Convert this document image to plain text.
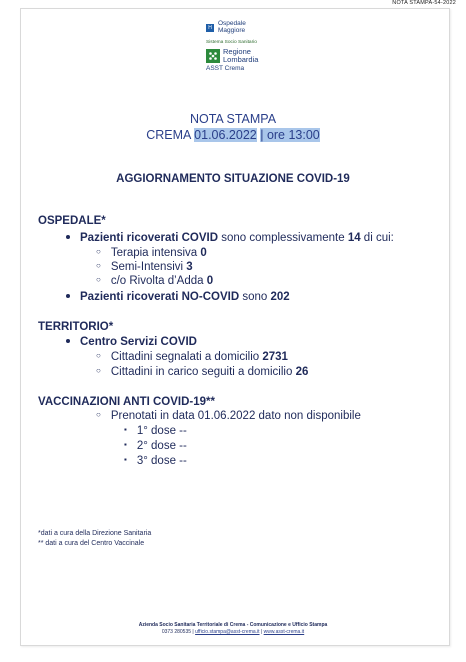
NOTA STAMPA-54-2022
H
Ospedale
Maggiore
Sistema Socio Sanitario
Regione
Lombardia
ASST Crema
NOTA STAMPA
CREMA 01.06.2022 | ore 13:00
AGGIORNAMENTO SITUAZIONE COVID-19
OSPEDALE*
Pazienti ricoverati COVID sono complessivamente 14 di cui:
○ Terapia intensiva 0
○ Semi-Intensivi 3
○ c/o Rivolta d’Adda 0
Pazienti ricoverati NO-COVID sono 202
TERRITORIO*
Centro Servizi COVID
○ Cittadini segnalati a domicilio 2731
○ Cittadini in carico seguiti a domicilio 26
VACCINAZIONI ANTI COVID-19**
○ Prenotati in data 01.06.2022 dato non disponibile
▪ 1° dose --
▪ 2° dose --
▪ 3° dose --
*dati a cura della Direzione Sanitaria
** dati a cura del Centro Vaccinale
Azienda Socio Sanitaria Territoriale di Crema - Comunicazione e Ufficio Stampa
0373 280535 | ufficio.stampa@asst-crema.it | www.asst-crema.it
